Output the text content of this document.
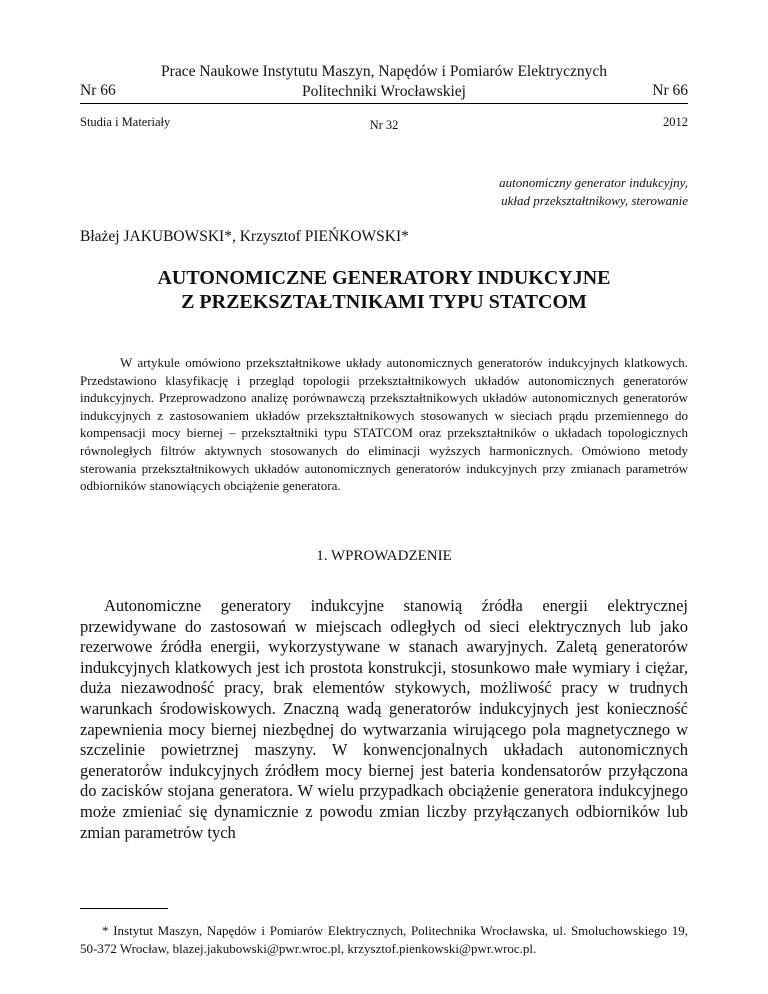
Prace Naukowe Instytutu Maszyn, Napędów i Pomiarów Elektrycznych
Nr 66	Politechniki Wrocławskiej	Nr 66
Studia i Materiały	Nr 32	2012
autonomiczny generator indukcyjny,
układ przekształtnikowy, sterowanie
Błażej JAKUBOWSKI*, Krzysztof PIEŃKOWSKI*
AUTONOMICZNE GENERATORY INDUKCYJNE
Z PRZEKSZTAŁTNIKAMI TYPU STATCOM
W artykule omówiono przekształtnikowe układy autonomicznych generatorów indukcyjnych klatkowych. Przedstawiono klasyfikację i przegląd topologii przekształtnikowych układów autonomicznych generatorów indukcyjnych. Przeprowadzono analizę porównawczą przekształtnikowych układów autonomicznych generatorów indukcyjnych z zastosowaniem układów przekształtnikowych stosowanych w sieciach prądu przemiennego do kompensacji mocy biernej – przekształtniki typu STATCOM oraz przekształtników o układach topologicznych równoległych filtrów aktywnych stosowanych do eliminacji wyższych harmonicznych. Omówiono metody sterowania przekształtnikowych układów autonomicznych generatorów indukcyjnych przy zmianach parametrów odbiorników stanowiących obciążenie generatora.
1. WPROWADZENIE
Autonomiczne generatory indukcyjne stanowią źródła energii elektrycznej przewidywane do zastosowań w miejscach odległych od sieci elektrycznych lub jako rezerwowe źródła energii, wykorzystywane w stanach awaryjnych. Zaletą generatorów indukcyjnych klatkowych jest ich prostota konstrukcji, stosunkowo małe wymiary i ciężar, duża niezawodność pracy, brak elementów stykowych, możliwość pracy w trudnych warunkach środowiskowych. Znaczną wadą generatorów indukcyjnych jest konieczność zapewnienia mocy biernej niezbędnej do wytwarzania wirującego pola magnetycznego w szczelinie powietrznej maszyny. W konwencjonalnych układach autonomicznych generatorów indukcyjnych źródłem mocy biernej jest bateria kondensatorów przyłączona do zacisków stojana generatora. W wielu przypadkach obciążenie generatora indukcyjnego może zmieniać się dynamicznie z powodu zmian liczby przyłączanych odbiorników lub zmian parametrów tych
* Instytut Maszyn, Napędów i Pomiarów Elektrycznych, Politechnika Wrocławska, ul. Smoluchowskiego 19, 50-372 Wrocław, blazej.jakubowski@pwr.wroc.pl, krzysztof.pienkowski@pwr.wroc.pl.
